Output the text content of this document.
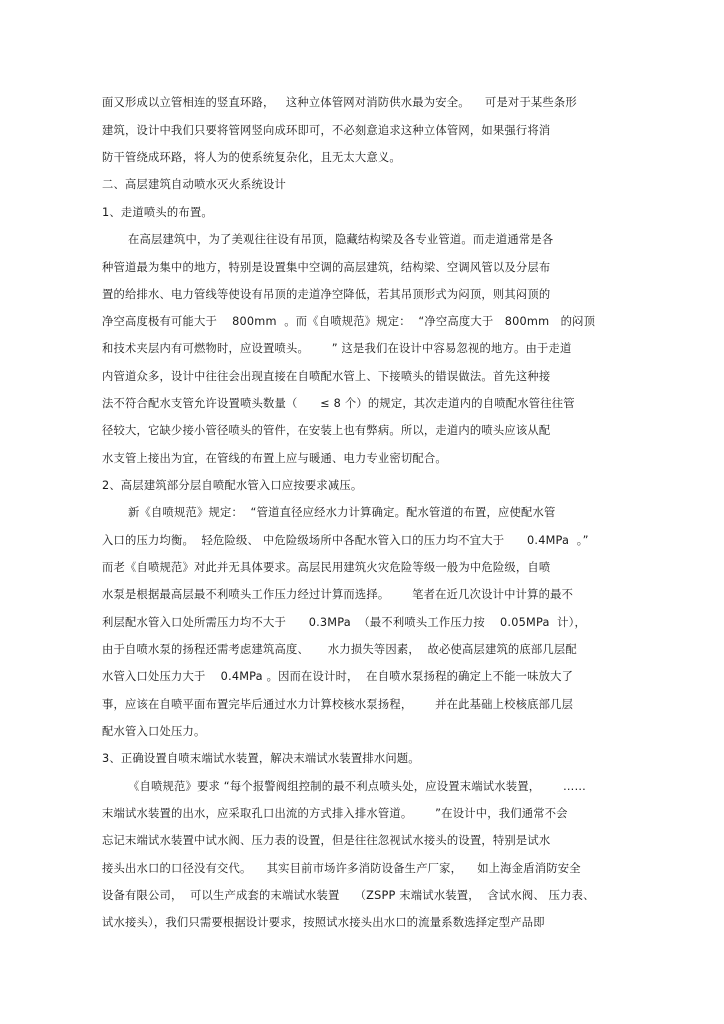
面又形成以立管相连的竖直环路，   这种立体管网对消防供水最为安全。    可是对于某些条形

建筑，设计中我们只要将管网竖向成环即可，不必刻意追求这种立体管网，如果强行将消

防干管绕成环路，将人为的使系统复杂化，且无太大意义。

二、高层建筑自动喷水灭火系统设计

1、走道喷头的布置。

在高层建筑中，为了美观往往设有吊顶，隐藏结构梁及各专业管道。而走道通常是各

种管道最为集中的地方，特别是设置集中空调的高层建筑，结构梁、空调风管以及分层布

置的给排水、电力管线等使设有吊顶的走道净空降低，若其吊顶形式为闷顶，则其闷顶的

净空高度极有可能大于    800mm  。而《自喷规范》规定：  “净空高度大于   800mm   的闷顶

和技术夹层内有可燃物时，应设置喷头。      ” 这是我们在设计中容易忽视的地方。由于走道

内管道众多，设计中往往会出现直接在自喷配水管上、下接喷头的错误做法。首先这种接

法不符合配水支管允许设置喷头数量（      ≤ 8 个）的规定，其次走道内的自喷配水管往往管

径较大，它缺少接小管径喷头的管件，在安装上也有弊病。所以，走道内的喷头应该从配

水支管上接出为宜，在管线的布置上应与暖通、电力专业密切配合。

2、高层建筑部分层自喷配水管入口应按要求减压。

新《自喷规范》规定：  “管道直径应经水力计算确定。配水管道的布置，应使配水管

入口的压力均衡。  轻危险级、 中危险级场所中各配水管入口的压力均不宜大于      0.4MPa  。”

而老《自喷规范》对此并无具体要求。高层民用建筑火灾危险等级一般为中危险级，自喷

水泵是根据最高层最不利喷头工作压力经过计算而选择。      笔者在近几次设计中计算的最不

利层配水管入口处所需压力均不大于      0.3MPa  （最不利喷头工作压力按    0.05MPa  计），

由于自喷水泵的扬程还需考虑建筑高度、     水力损失等因素，  故必使高层建筑的底部几层配

水管入口处压力大于    0.4MPa 。因而在设计时，  在自喷水泵扬程的确定上不能一味放大了

事，应该在自喷平面布置完毕后通过水力计算校核水泵扬程，      并在此基础上校核底部几层

配水管入口处压力。

3、正确设置自喷末端试水装置，解决末端试水装置排水问题。

《自喷规范》要求 “每个报警阀组控制的最不利点喷头处，应设置末端试水装置，      ……

末端试水装置的出水，应采取孔口出流的方式排入排水管道。      ”在设计中，我们通常不会

忘记末端试水装置中试水阀、压力表的设置，但是往往忽视试水接头的设置，特别是试水

接头出水口的口径没有交代。    其实目前市场许多消防设备生产厂家，    如上海金盾消防安全

设备有限公司，  可以生产成套的末端试水装置    （ZSPP 末端试水装置，  含试水阀、 压力表、

试水接头），我们只需要根据设计要求，按照试水接头出水口的流量系数选择定型产品即
